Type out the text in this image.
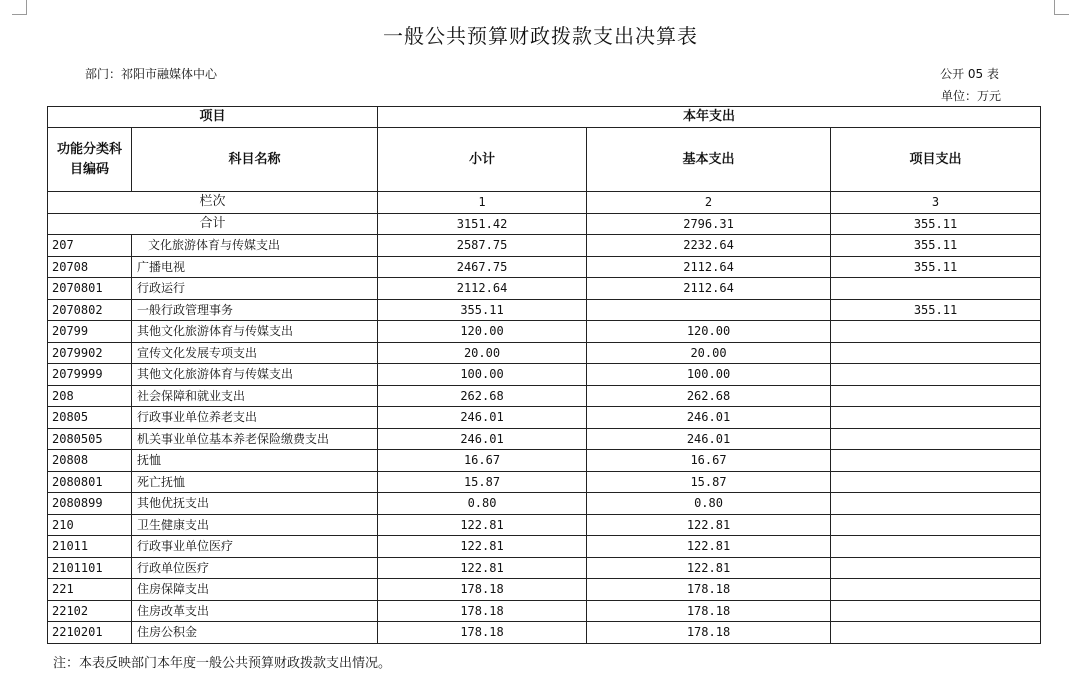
一般公共预算财政拨款支出决算表
部门：祁阳市融媒体中心	公开 05 表
单位：万元
项目		本年支出		
功能分类科目编码	科目名称	小计	基本支出	项目支出
栏次		1	2	3
合计		3151.42	2796.31	355.11
207	文化旅游体育与传媒支出	2587.75	2232.64	355.11
20708	广播电视	2467.75	2112.64	355.11
2070801	行政运行	2112.64	2112.64	
2070802	一般行政管理事务	355.11		355.11
20799	其他文化旅游体育与传媒支出	120.00	120.00	
2079902	宣传文化发展专项支出	20.00	20.00	
2079999	其他文化旅游体育与传媒支出	100.00	100.00	
208	社会保障和就业支出	262.68	262.68	
20805	行政事业单位养老支出	246.01	246.01	
2080505	机关事业单位基本养老保险缴费支出	246.01	246.01	
20808	抚恤	16.67	16.67	
2080801	死亡抚恤	15.87	15.87	
2080899	其他优抚支出	0.80	0.80	
210	卫生健康支出	122.81	122.81	
21011	行政事业单位医疗	122.81	122.81	
2101101	行政单位医疗	122.81	122.81	
221	住房保障支出	178.18	178.18	
22102	住房改革支出	178.18	178.18	
2210201	住房公积金	178.18	178.18	
注：本表反映部门本年度一般公共预算财政拨款支出情况。
